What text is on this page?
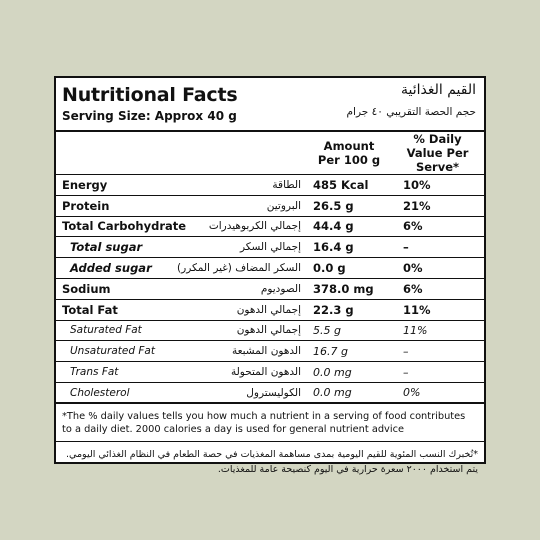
Nutritional Facts
Serving Size: Approx 40 g
القيم الغذائية
حجم الحصة التقريبي ٤٠ جرام
		Amount Per 100 g	% Daily Value Per Serve*
Energy	الطاقة	485 Kcal	10%
Protein	البروتين	26.5 g	21%
Total Carbohydrate	إجمالي الكربوهيدرات	44.4 g	6%
Total sugar	إجمالي السكر	16.4 g	–
Added sugar	السكر المضاف (غير المكرر)	0.0 g	0%
Sodium	الصوديوم	378.0 mg	6%
Total Fat	إجمالي الدهون	22.3 g	11%
Saturated Fat	إجمالي الدهون	5.5 g	11%
Unsaturated Fat	الدهون المشبعة	16.7 g	–
Trans Fat	الدهون المتحولة	0.0 mg	–
Cholesterol	الكوليسترول	0.0 mg	0%
*The % daily values tells you how much a nutrient in a serving of food contributes to a daily diet. 2000 calories a day is used for general nutrient advice
*تُخبرك النسب المئوية للقيم اليومية بمدى مساهمة المغذيات في حصة الطعام في النظام الغذائي اليومي. يتم استخدام ٢٠٠٠ سعرة حرارية في اليوم كنصيحة عامة للمغذيات.
